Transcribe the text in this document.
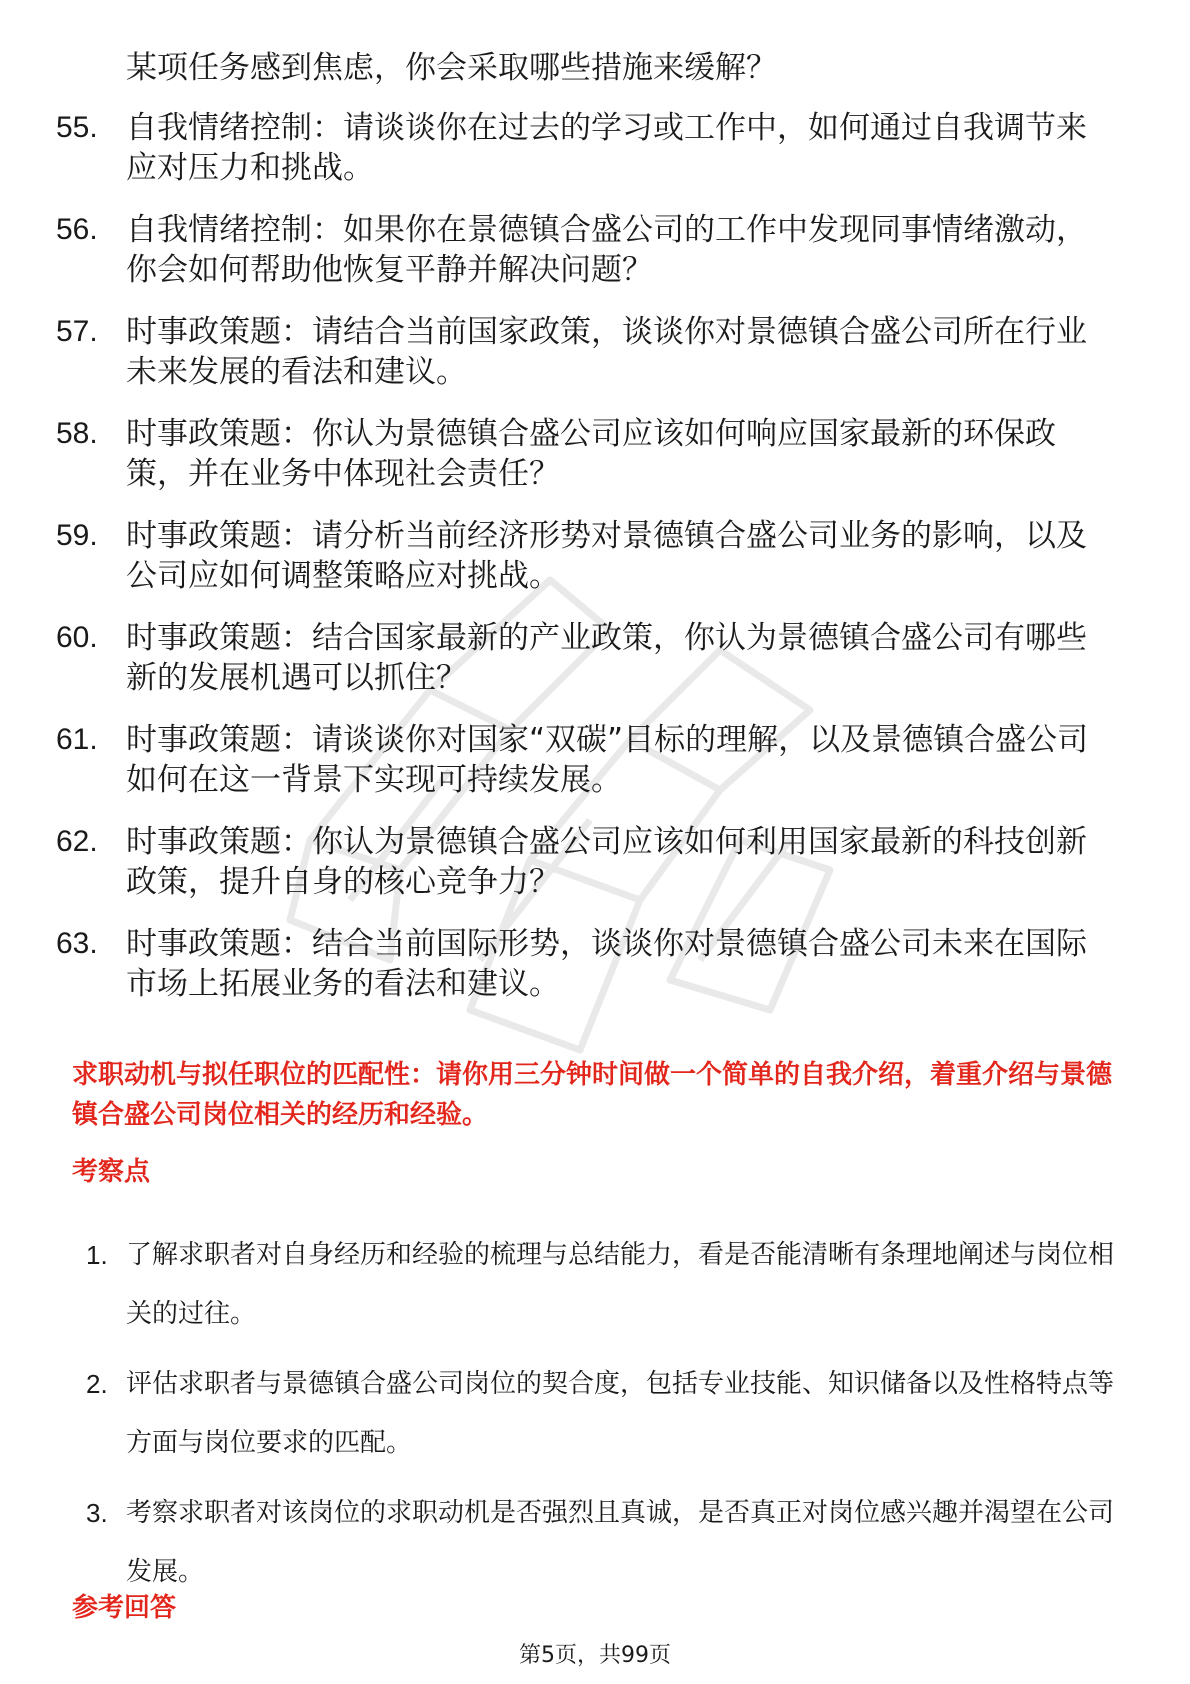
某项任务感到焦虑，你会采取哪些措施来缓解？
55. 自我情绪控制：请谈谈你在过去的学习或工作中，如何通过自我调节来应对压力和挑战。
56. 自我情绪控制：如果你在景德镇合盛公司的工作中发现同事情绪激动，你会如何帮助他恢复平静并解决问题？
57. 时事政策题：请结合当前国家政策，谈谈你对景德镇合盛公司所在行业未来发展的看法和建议。
58. 时事政策题：你认为景德镇合盛公司应该如何响应国家最新的环保政策，并在业务中体现社会责任？
59. 时事政策题：请分析当前经济形势对景德镇合盛公司业务的影响，以及公司应如何调整策略应对挑战。
60. 时事政策题：结合国家最新的产业政策，你认为景德镇合盛公司有哪些新的发展机遇可以抓住？
61. 时事政策题：请谈谈你对国家“双碳”目标的理解，以及景德镇合盛公司如何在这一背景下实现可持续发展。
62. 时事政策题：你认为景德镇合盛公司应该如何利用国家最新的科技创新政策，提升自身的核心竞争力？
63. 时事政策题：结合当前国际形势，谈谈你对景德镇合盛公司未来在国际市场上拓展业务的看法和建议。
求职动机与拟任职位的匹配性：请你用三分钟时间做一个简单的自我介绍，着重介绍与景德镇合盛公司岗位相关的经历和经验。
考察点
1. 了解求职者对自身经历和经验的梳理与总结能力，看是否能清晰有条理地阐述与岗位相关的过往。
2. 评估求职者与景德镇合盛公司岗位的契合度，包括专业技能、知识储备以及性格特点等方面与岗位要求的匹配。
3. 考察求职者对该岗位的求职动机是否强烈且真诚，是否真正对岗位感兴趣并渴望在公司发展。
参考回答
第5页，共99页
